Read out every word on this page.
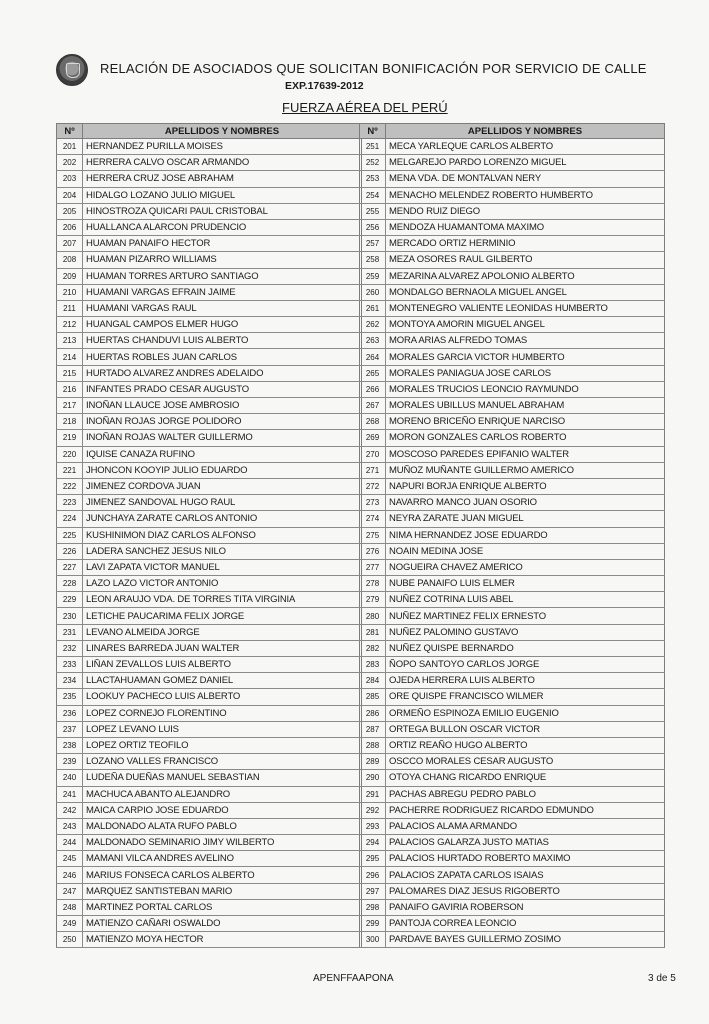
RELACIÓN DE ASOCIADOS QUE SOLICITAN BONIFICACIÓN POR SERVICIO DE CALLE
EXP.17639-2012
FUERZA AÉREA DEL PERÚ
Nº	APELLIDOS Y NOMBRES
201	HERNANDEZ PURILLA MOISES
202	HERRERA CALVO OSCAR ARMANDO
203	HERRERA CRUZ JOSE ABRAHAM
204	HIDALGO LOZANO JULIO MIGUEL
205	HINOSTROZA QUICARI PAUL CRISTOBAL
206	HUALLANCA ALARCON PRUDENCIO
207	HUAMAN PANAIFO HECTOR
208	HUAMAN PIZARRO WILLIAMS
209	HUAMAN TORRES ARTURO SANTIAGO
210	HUAMANI VARGAS EFRAIN JAIME
211	HUAMANI VARGAS RAUL
212	HUANGAL CAMPOS ELMER HUGO
213	HUERTAS CHANDUVI LUIS ALBERTO
214	HUERTAS ROBLES JUAN CARLOS
215	HURTADO ALVAREZ ANDRES ADELAIDO
216	INFANTES PRADO CESAR AUGUSTO
217	INOÑAN LLAUCE JOSE AMBROSIO
218	INOÑAN ROJAS JORGE POLIDORO
219	INOÑAN ROJAS WALTER GUILLERMO
220	IQUISE CANAZA RUFINO
221	JHONCON KOOYIP JULIO EDUARDO
222	JIMENEZ CORDOVA JUAN
223	JIMENEZ SANDOVAL HUGO RAUL
224	JUNCHAYA ZARATE CARLOS ANTONIO
225	KUSHINIMON DIAZ CARLOS ALFONSO
226	LADERA SANCHEZ JESUS NILO
227	LAVI ZAPATA VICTOR MANUEL
228	LAZO LAZO VICTOR ANTONIO
229	LEON ARAUJO VDA. DE TORRES TITA VIRGINIA
230	LETICHE PAUCARIMA FELIX JORGE
231	LEVANO ALMEIDA JORGE
232	LINARES BARREDA JUAN WALTER
233	LIÑAN ZEVALLOS LUIS ALBERTO
234	LLACTAHUAMAN GOMEZ DANIEL
235	LOOKUY PACHECO LUIS ALBERTO
236	LOPEZ CORNEJO FLORENTINO
237	LOPEZ LEVANO LUIS
238	LOPEZ ORTIZ TEOFILO
239	LOZANO VALLES FRANCISCO
240	LUDEÑA DUEÑAS MANUEL SEBASTIAN
241	MACHUCA ABANTO ALEJANDRO
242	MAICA CARPIO JOSE EDUARDO
243	MALDONADO ALATA RUFO PABLO
244	MALDONADO SEMINARIO JIMY WILBERTO
245	MAMANI VILCA ANDRES AVELINO
246	MARIUS FONSECA CARLOS ALBERTO
247	MARQUEZ SANTISTEBAN MARIO
248	MARTINEZ PORTAL CARLOS
249	MATIENZO CAÑARI OSWALDO
250	MATIENZO MOYA HECTOR
Nº	APELLIDOS Y NOMBRES
251	MECA YARLEQUE CARLOS ALBERTO
252	MELGAREJO PARDO LORENZO MIGUEL
253	MENA VDA. DE MONTALVAN NERY
254	MENACHO MELENDEZ ROBERTO HUMBERTO
255	MENDO RUIZ DIEGO
256	MENDOZA HUAMANTOMA MAXIMO
257	MERCADO ORTIZ HERMINIO
258	MEZA OSORES RAUL GILBERTO
259	MEZARINA ALVAREZ APOLONIO ALBERTO
260	MONDALGO BERNAOLA MIGUEL ANGEL
261	MONTENEGRO VALIENTE LEONIDAS HUMBERTO
262	MONTOYA AMORIN MIGUEL ANGEL
263	MORA ARIAS ALFREDO TOMAS
264	MORALES GARCIA VICTOR HUMBERTO
265	MORALES PANIAGUA JOSE CARLOS
266	MORALES TRUCIOS LEONCIO RAYMUNDO
267	MORALES UBILLUS MANUEL ABRAHAM
268	MORENO BRICEÑO ENRIQUE NARCISO
269	MORON GONZALES CARLOS ROBERTO
270	MOSCOSO PAREDES EPIFANIO WALTER
271	MUÑOZ MUÑANTE GUILLERMO AMERICO
272	NAPURI BORJA ENRIQUE ALBERTO
273	NAVARRO MANCO JUAN OSORIO
274	NEYRA ZARATE JUAN MIGUEL
275	NIMA HERNANDEZ JOSE EDUARDO
276	NOAIN MEDINA JOSE
277	NOGUEIRA CHAVEZ AMERICO
278	NUBE PANAIFO LUIS ELMER
279	NUÑEZ COTRINA LUIS ABEL
280	NUÑEZ MARTINEZ FELIX ERNESTO
281	NUÑEZ PALOMINO GUSTAVO
282	NUÑEZ QUISPE BERNARDO
283	ÑOPO SANTOYO CARLOS JORGE
284	OJEDA HERRERA LUIS ALBERTO
285	ORE QUISPE FRANCISCO WILMER
286	ORMEÑO ESPINOZA EMILIO EUGENIO
287	ORTEGA BULLON OSCAR VICTOR
288	ORTIZ REAÑO HUGO ALBERTO
289	OSCCO MORALES CESAR AUGUSTO
290	OTOYA CHANG RICARDO ENRIQUE
291	PACHAS ABREGU PEDRO PABLO
292	PACHERRE RODRIGUEZ RICARDO EDMUNDO
293	PALACIOS ALAMA ARMANDO
294	PALACIOS GALARZA JUSTO MATIAS
295	PALACIOS HURTADO ROBERTO MAXIMO
296	PALACIOS ZAPATA CARLOS ISAIAS
297	PALOMARES DIAZ JESUS RIGOBERTO
298	PANAIFO GAVIRIA ROBERSON
299	PANTOJA CORREA LEONCIO
300	PARDAVE BAYES GUILLERMO ZOSIMO
APENFFAAPONA	3 de 5
